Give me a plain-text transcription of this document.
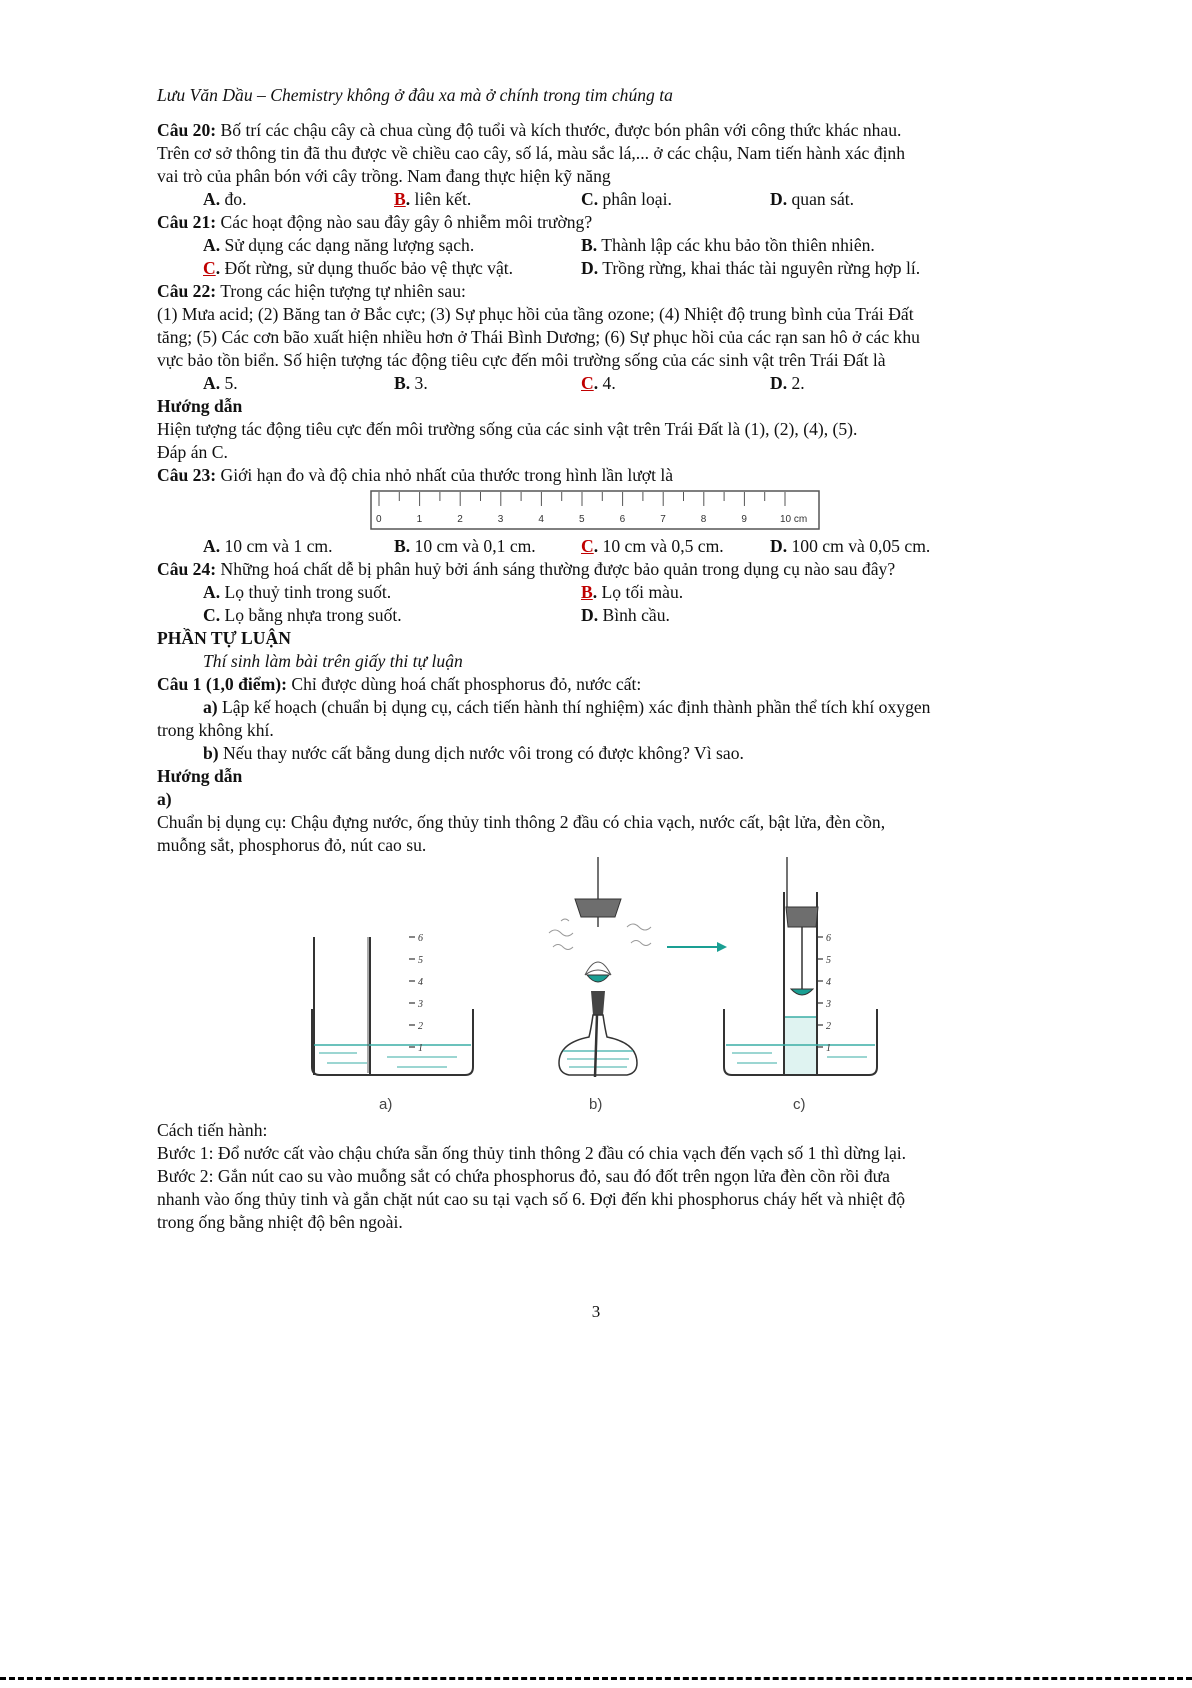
Lưu Văn Dầu – Chemistry không ở đâu xa mà ở chính trong tim chúng ta

Câu 20: Bố trí các chậu cây cà chua cùng độ tuổi và kích thước, được bón phân với công thức khác nhau.

Trên cơ sở thông tin đã thu được về chiều cao cây, số lá, màu sắc lá,... ở các chậu, Nam tiến hành xác định

vai trò của phân bón với cây trồng. Nam đang thực hiện kỹ năng

A. đo.	B. liên kết.	C. phân loại.	D. quan sát.

Câu 21: Các hoạt động nào sau đây gây ô nhiễm môi trường?

A. Sử dụng các dạng năng lượng sạch.	B. Thành lập các khu bảo tồn thiên nhiên.
C. Đốt rừng, sử dụng thuốc bảo vệ thực vật.	D. Trồng rừng, khai thác tài nguyên rừng hợp lí.

Câu 22: Trong các hiện tượng tự nhiên sau:

(1) Mưa acid; (2) Băng tan ở Bắc cực; (3) Sự phục hồi của tầng ozone; (4) Nhiệt độ trung bình của Trái Đất

tăng; (5) Các cơn bão xuất hiện nhiều hơn ở Thái Bình Dương; (6) Sự phục hồi của các rạn san hô ở các khu

vực bảo tồn biển. Số hiện tượng tác động tiêu cực đến môi trường sống của các sinh vật trên Trái Đất là

A. 5.	B. 3.	C. 4.	D. 2.

Hướng dẫn

Hiện tượng tác động tiêu cực đến môi trường sống của các sinh vật trên Trái Đất là (1), (2), (4), (5).

Đáp án C.

Câu 23: Giới hạn đo và độ chia nhỏ nhất của thước trong hình lần lượt là

0	1	2	3	4	5	6	7	8	9	10 cm
A. 10 cm và 1 cm.	B. 10 cm và 0,1 cm.	C. 10 cm và 0,5 cm.	D. 100 cm và 0,05 cm.

Câu 24: Những hoá chất dễ bị phân huỷ bởi ánh sáng thường được bảo quản trong dụng cụ nào sau đây?

A. Lọ thuỷ tinh trong suốt.	B. Lọ tối màu.
C. Lọ bằng nhựa trong suốt.	D. Bình cầu.

PHẦN TỰ LUẬN

Thí sinh làm bài trên giấy thi tự luận

Câu 1 (1,0 điểm): Chỉ được dùng hoá chất phosphorus đỏ, nước cất:

a) Lập kế hoạch (chuẩn bị dụng cụ, cách tiến hành thí nghiệm) xác định thành phần thể tích khí oxygen

trong không khí.

b) Nếu thay nước cất bằng dung dịch nước vôi trong có được không? Vì sao.

Hướng dẫn

a)

Chuẩn bị dụng cụ: Chậu đựng nước, ống thủy tinh thông 2 đầu có chia vạch, nước cất, bật lửa, đèn cồn,

muỗng sắt, phosphorus đỏ, nút cao su.

6
5
4
3
2
1
a)	b)
6
5
4
3
2
1
c)

Cách tiến hành:

Bước 1: Đổ nước cất vào chậu chứa sẵn ống thủy tinh thông 2 đầu có chia vạch đến vạch số 1 thì dừng lại.

Bước 2: Gắn nút cao su vào muỗng sắt có chứa phosphorus đỏ, sau đó đốt trên ngọn lửa đèn cồn rồi đưa

nhanh vào ống thủy tinh và gắn chặt nút cao su tại vạch số 6. Đợi đến khi phosphorus cháy hết và nhiệt độ

trong ống bằng nhiệt độ bên ngoài.

3
